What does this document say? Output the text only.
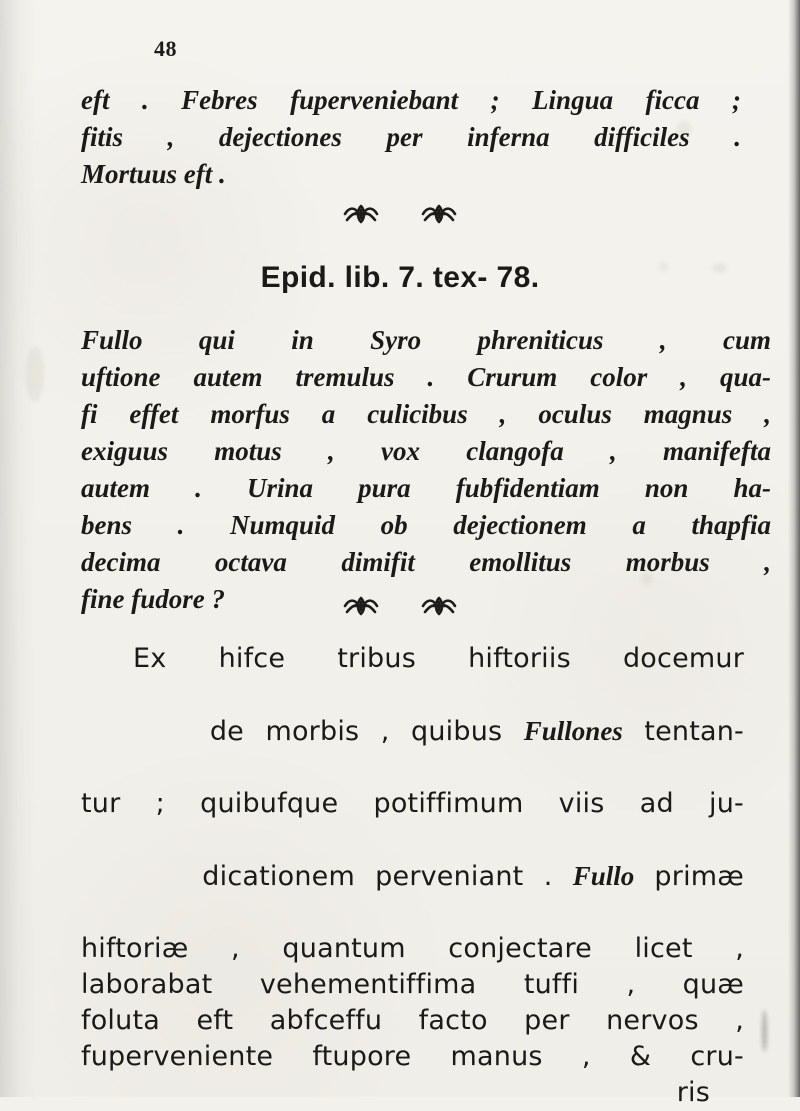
48
eft . Febres fuperveniebant ; Lingua ficca ;
fitis , dejectiones per inferna difficiles .
Mortuus eft .
Epid. lib. 7. tex- 78.
Fullo qui in Syro phreniticus , cum
uftione autem tremulus . Crurum color , qua-
fi effet morfus a culicibus , oculus magnus ,
exiguus motus , vox clangofa , manifefta
autem . Urina pura fubfidentiam non ha-
bens . Numquid ob dejectionem a thapfia
decima octava dimifit emollitus morbus ,
fine fudore ?
Ex hifce tribus hiftoriis docemur

de morbis , quibus Fullones tentan-

tur ; quibufque potiffimum viis ad ju-

dicationem perveniant . Fullo primæ

hiftoriæ , quantum conjectare licet ,
laborabat vehementiffima tuffi , quæ
foluta eft abfceffu facto per nervos ,
fuperveniente ftupore manus , & cru-
ris
